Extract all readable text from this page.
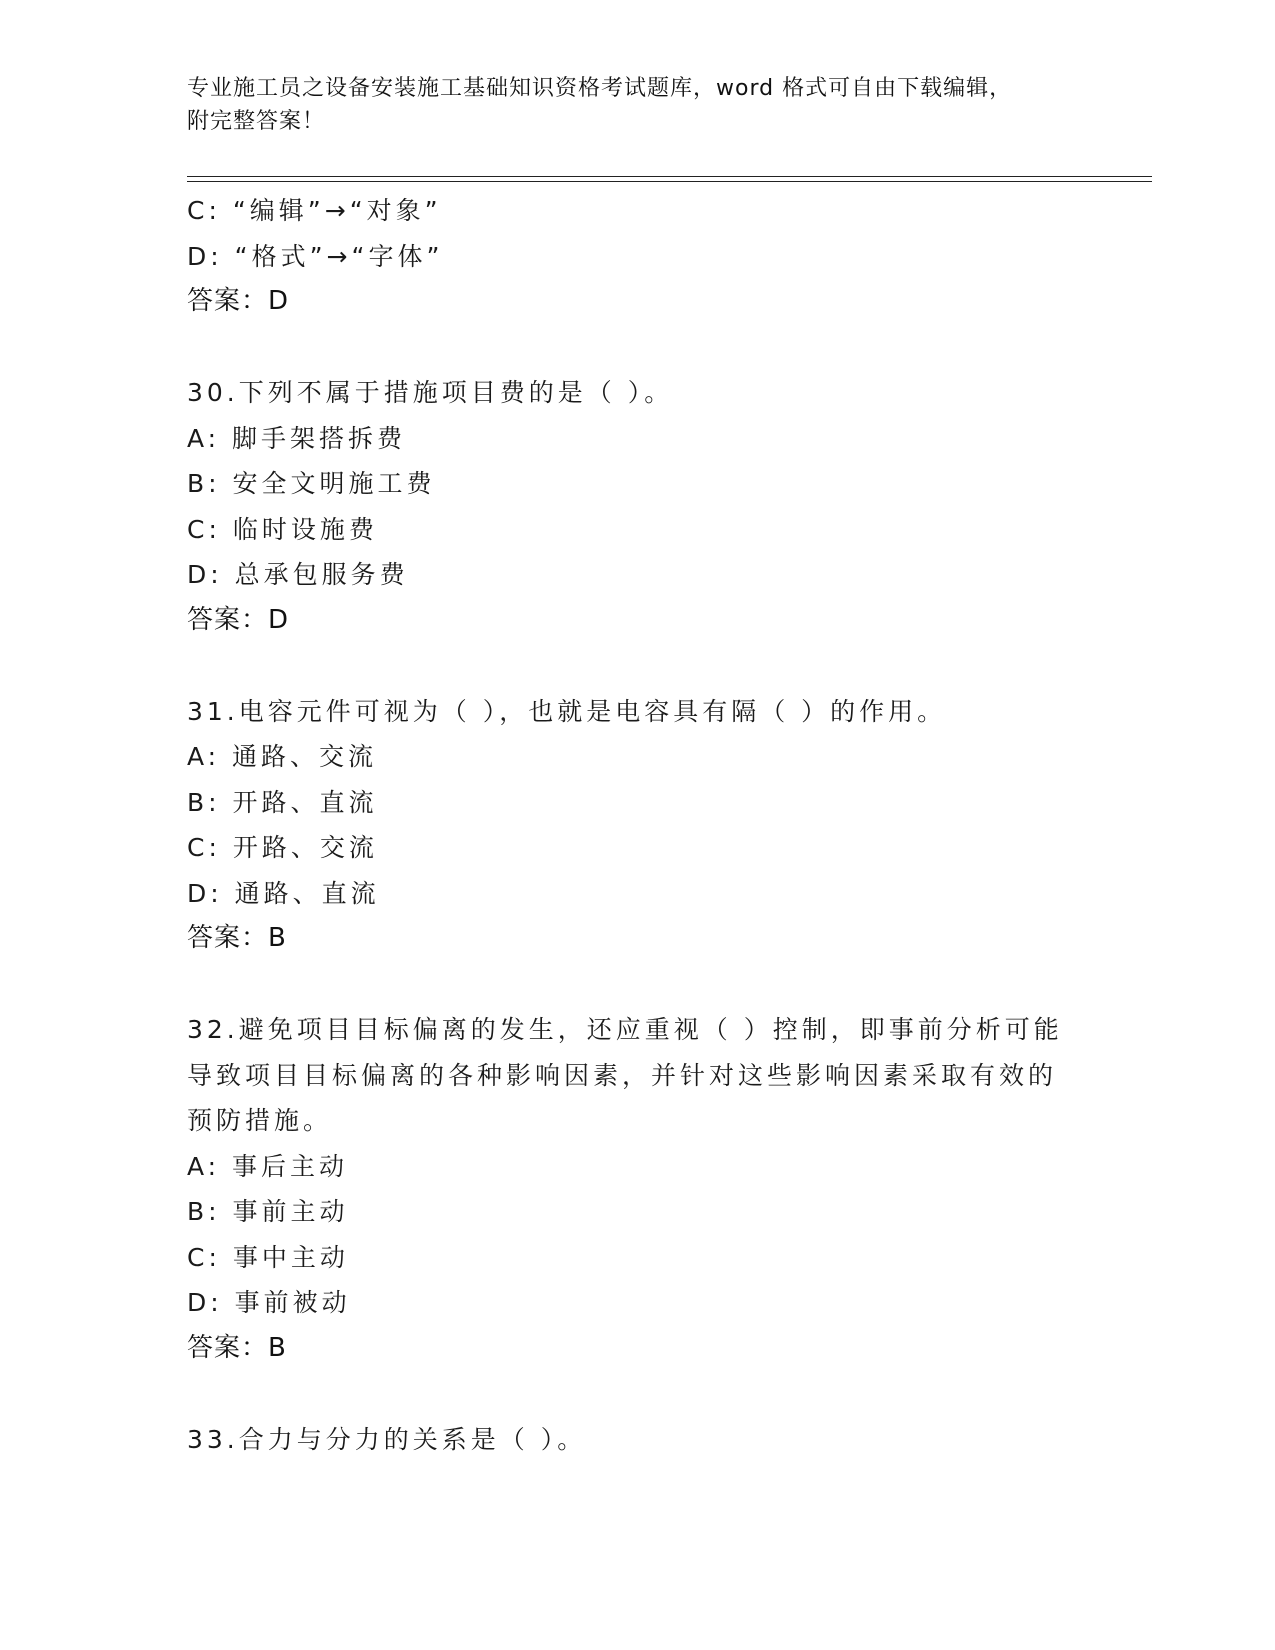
专业施工员之设备安装施工基础知识资格考试题库，word 格式可自由下载编辑，
附完整答案！
C: “编辑”→“对象”
D: “格式”→“字体”
答案：D
30.下列不属于措施项目费的是（ ）。
A: 脚手架搭拆费
B: 安全文明施工费
C: 临时设施费
D: 总承包服务费
答案：D
31.电容元件可视为（ ），也就是电容具有隔（ ）的作用。
A: 通路、交流
B: 开路、直流
C: 开路、交流
D: 通路、直流
答案：B
32.避免项目目标偏离的发生，还应重视（ ）控制，即事前分析可能
导致项目目标偏离的各种影响因素，并针对这些影响因素采取有效的
预防措施。
A: 事后主动
B: 事前主动
C: 事中主动
D: 事前被动
答案：B
33.合力与分力的关系是（ ）。
